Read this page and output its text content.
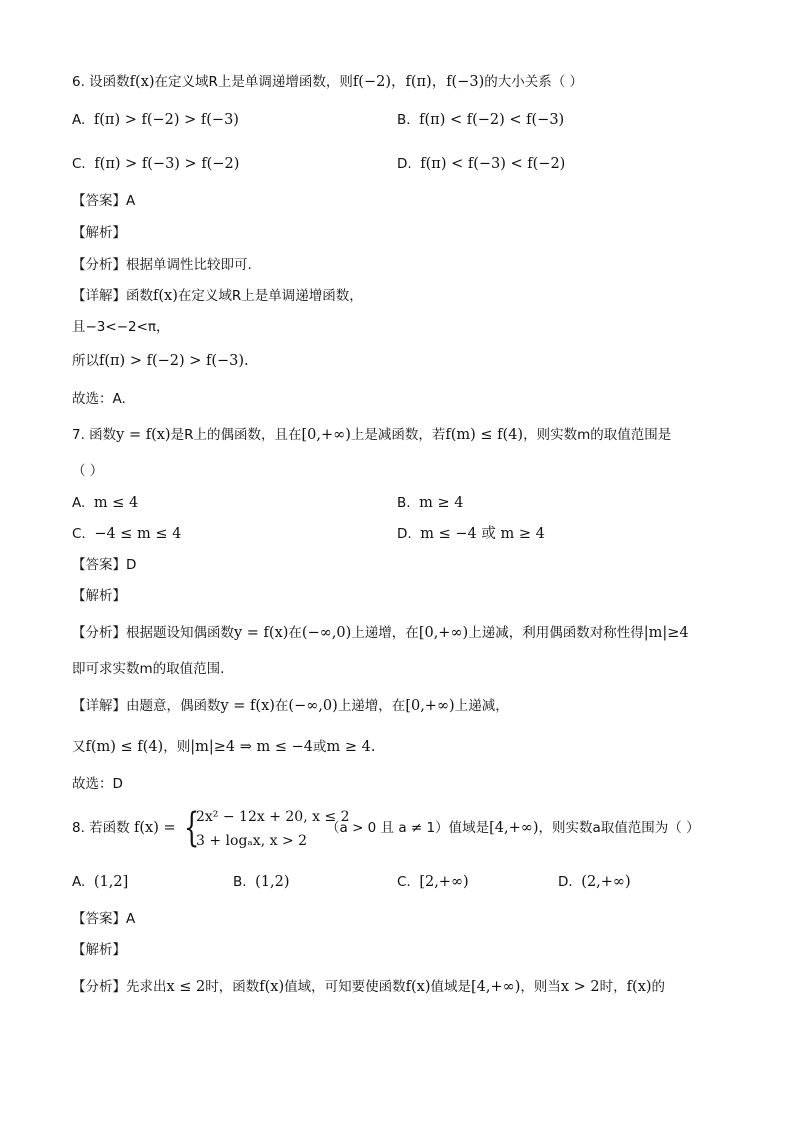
6. 设函数f(x)在定义域R上是单调递增函数，则f(−2)，f(π)，f(−3)的大小关系（ ）
A. f(π) > f(−2) > f(−3)	B. f(π) < f(−2) < f(−3)
C. f(π) > f(−3) > f(−2)	D. f(π) < f(−3) < f(−2)
【答案】A
【解析】
【分析】根据单调性比较即可.
【详解】函数f(x)在定义域R上是单调递增函数，
且−3<−2<π，
所以f(π) > f(−2) > f(−3).
故选：A.
7. 函数y = f(x)是R上的偶函数，且在[0,+∞)上是减函数，若f(m) ≤ f(4)，则实数m的取值范围是
（ ）
A. m ≤ 4	B. m ≥ 4
C. −4 ≤ m ≤ 4	D. m ≤ −4 或 m ≥ 4
【答案】D
【解析】
【分析】根据题设知偶函数y = f(x)在(−∞,0)上递增，在[0,+∞)上递减，利用偶函数对称性得|m|≥4
即可求实数m的取值范围.
【详解】由题意，偶函数y = f(x)在(−∞,0)上递增，在[0,+∞)上递减，
又f(m) ≤ f(4)，则|m|≥4 ⇒ m ≤ −4或m ≥ 4.
故选：D
8. 若函数 f(x) = {
2x² − 12x + 20, x ≤ 2
3 + logₐx, x > 2
（a > 0 且 a ≠ 1）值域是[4,+∞)，则实数a取值范围为（ ）
A. (1,2]	B. (1,2)	C. [2,+∞)	D. (2,+∞)
【答案】A
【解析】
【分析】先求出x ≤ 2时，函数f(x)值域，可知要使函数f(x)值域是[4,+∞)，则当x > 2时，f(x)的
